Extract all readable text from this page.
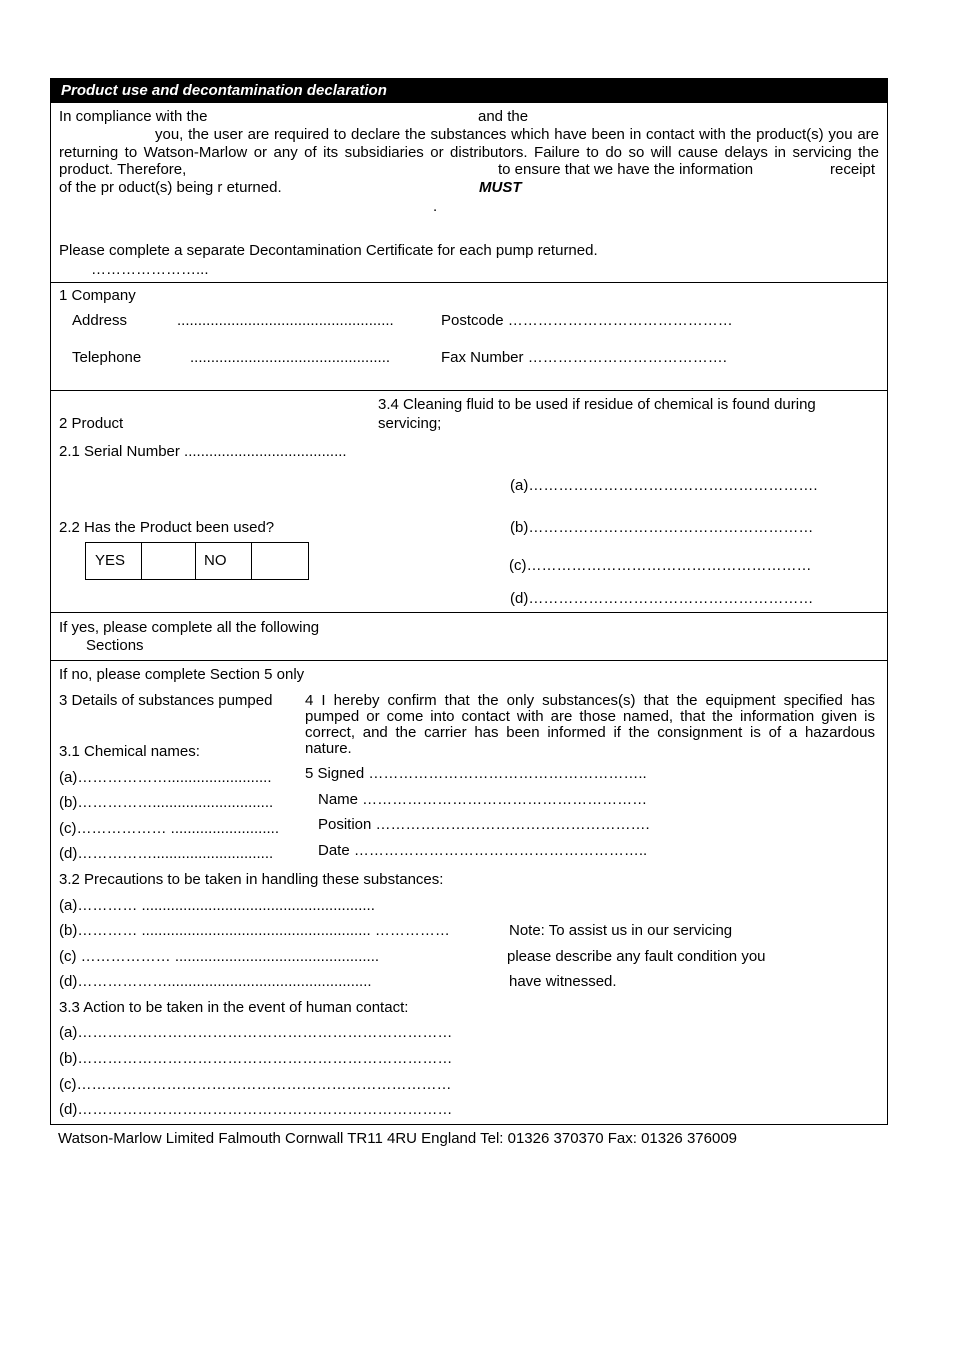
Product use and decontamination declaration
In compliance with the	and the
you, the user are required to declare the substances which have been in contact with the product(s) you are returning to Watson-Marlow or any of its subsidiaries or distributors. Failure to do so will cause delays in servicing the product. Therefore,	to ensure that we have the information	receipt
of the pr oduct(s) being r eturned.	MUST
.
Please complete a separate Decontamination Certificate for each pump returned.
…………………...
1 Company
Address	....................................................	Postcode ………………………………………
Telephone	................................................	Fax Number ………………………………….
3.4 Cleaning fluid to be used if residue of chemical is found during
servicing;
2 Product
2.1 Serial Number .......................................
(a)………………………………………………….
2.2 Has the Product been used?	(b)…………………………………………………
YES	NO	(c)…………………………………………………
(d)…………………………………………………
If yes, please complete all the following
Sections
If no, please complete Section 5 only
3 Details of substances pumped 4 I hereby confirm that the only substances(s) that the equipment specified has pumped or come into contact with are those named, that the information given is correct, and the carrier has been informed if the consignment is of a hazardous nature.
3.1 Chemical names:
(a)………………......................... 5 Signed ………………………………………………..
(b)…………….............................	Name …………………………………………………
(c)……………… ..........................	Position ……………………………………………….
(d)…………….............................	Date …………………………………………………..
3.2 Precautions to be taken in handling these substances:
(a)………… ........................................................
(b)………… ....................................................... ……………	Note: To assist us in our servicing
(c) ……………… .................................................	please describe any fault condition you
(d)……………….................................................	have witnessed.
3.3 Action to be taken in the event of human contact:
(a)…………………………………………………………………
(b)…………………………………………………………………
(c)…………………………………………………………………
(d)…………………………………………………………………
Watson-Marlow Limited Falmouth Cornwall TR11 4RU England Tel: 01326 370370 Fax: 01326 376009
